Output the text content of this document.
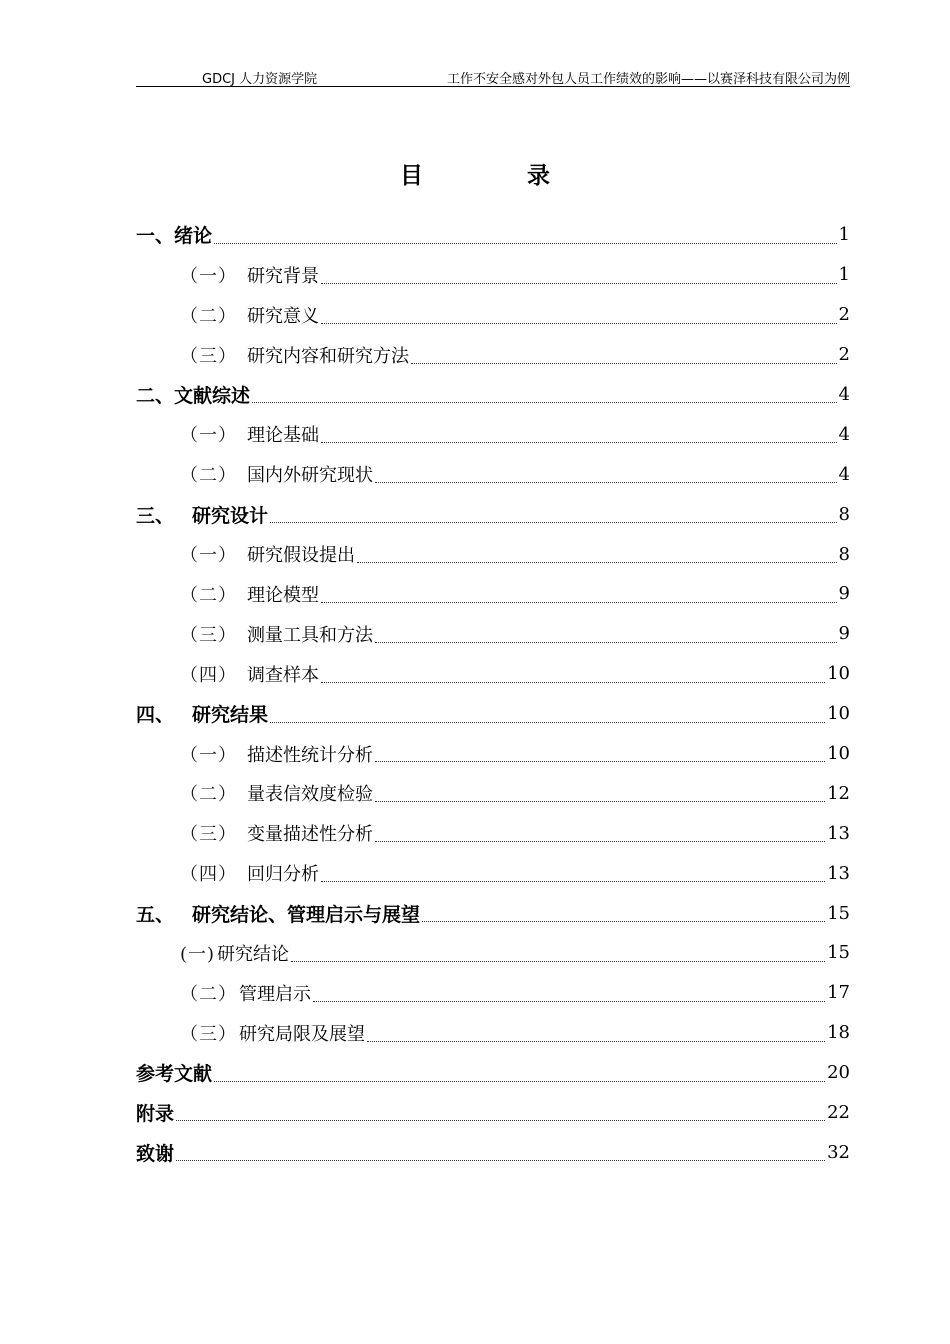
GDCJ 人力资源学院	工作不安全感对外包人员工作绩效的影响——以赛泽科技有限公司为例
目录
一、 绪论	1
（一） 研究背景	1
（二） 研究意义	2
（三） 研究内容和研究方法	2
二、 文献综述	4
（一） 理论基础	4
（二） 国内外研究现状	4
三、 研究设计	8
（一） 研究假设提出	8
（二） 理论模型	9
（三） 测量工具和方法	9
（四） 调查样本	10
四、 研究结果	10
（一） 描述性统计分析	10
（二） 量表信效度检验	12
（三） 变量描述性分析	13
（四） 回归分析	13
五、 研究结论、管理启示与展望	15
(一) 研究结论	15
（二） 管理启示	17
（三） 研究局限及展望	18
参考文献	20
附录	22
致谢	32
